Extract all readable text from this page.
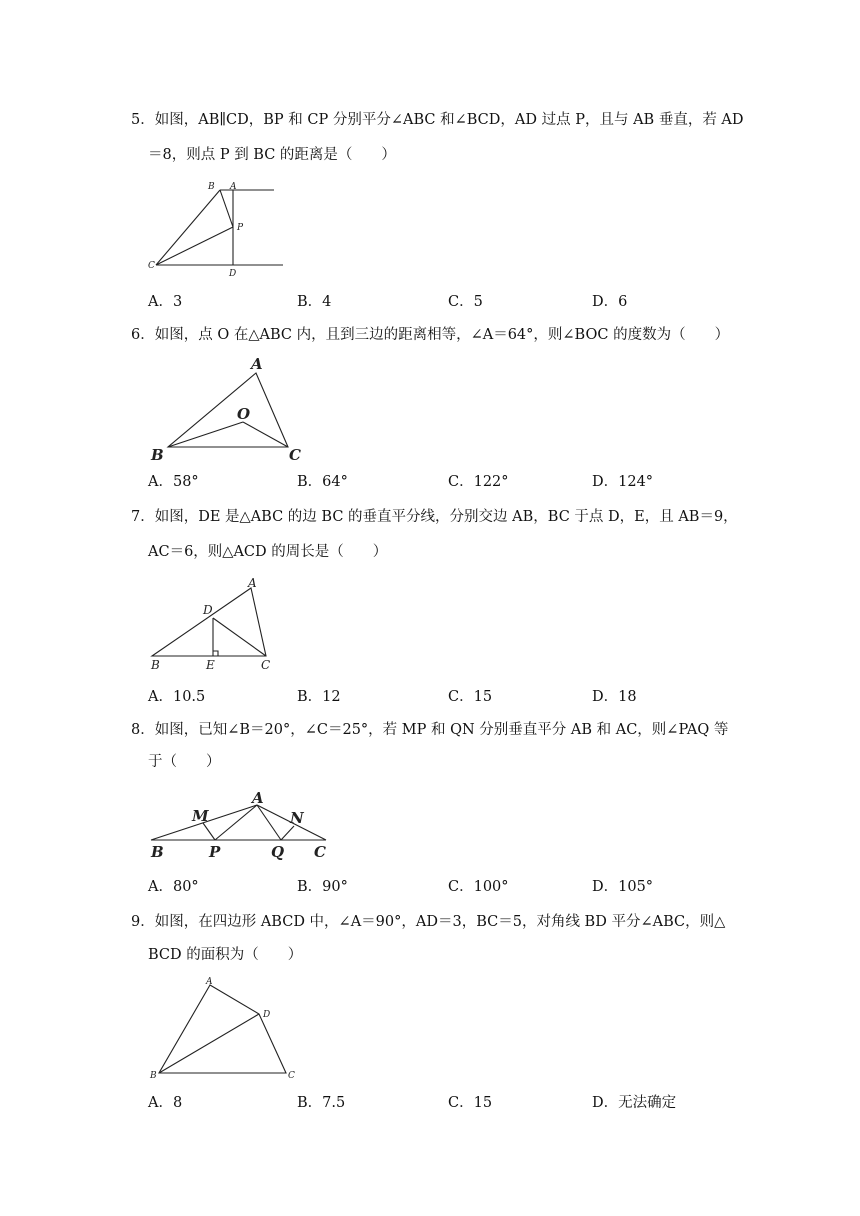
5．如图，AB∥CD，BP 和 CP 分别平分∠ABC 和∠BCD，AD 过点 P，且与 AB 垂直，若 AD
＝8，则点 P 到 BC 的距离是（　　）
B A
P
C
D
A．3	B．4	C．5	D．6
6．如图，点 O 在△ABC 内，且到三边的距离相等，∠A＝64°，则∠BOC 的度数为（　　）
A
O
B	C
A．58°	B．64°	C．122°	D．124°
7．如图，DE 是△ABC 的边 BC 的垂直平分线，分别交边 AB，BC 于点 D，E，且 AB＝9，
AC＝6，则△ACD 的周长是（　　）
A
D
B	E	C
A．10.5	B．12	C．15	D．18
8．如图，已知∠B＝20°，∠C＝25°，若 MP 和 QN 分别垂直平分 AB 和 AC，则∠PAQ 等
于（　　）
A
M	N
B	P	Q C
A．80°	B．90°	C．100°	D．105°
9．如图，在四边形 ABCD 中，∠A＝90°，AD＝3，BC＝5，对角线 BD 平分∠ABC，则△
BCD 的面积为（　　）
A
D
B	C
A．8	B．7.5	C．15	D．无法确定
